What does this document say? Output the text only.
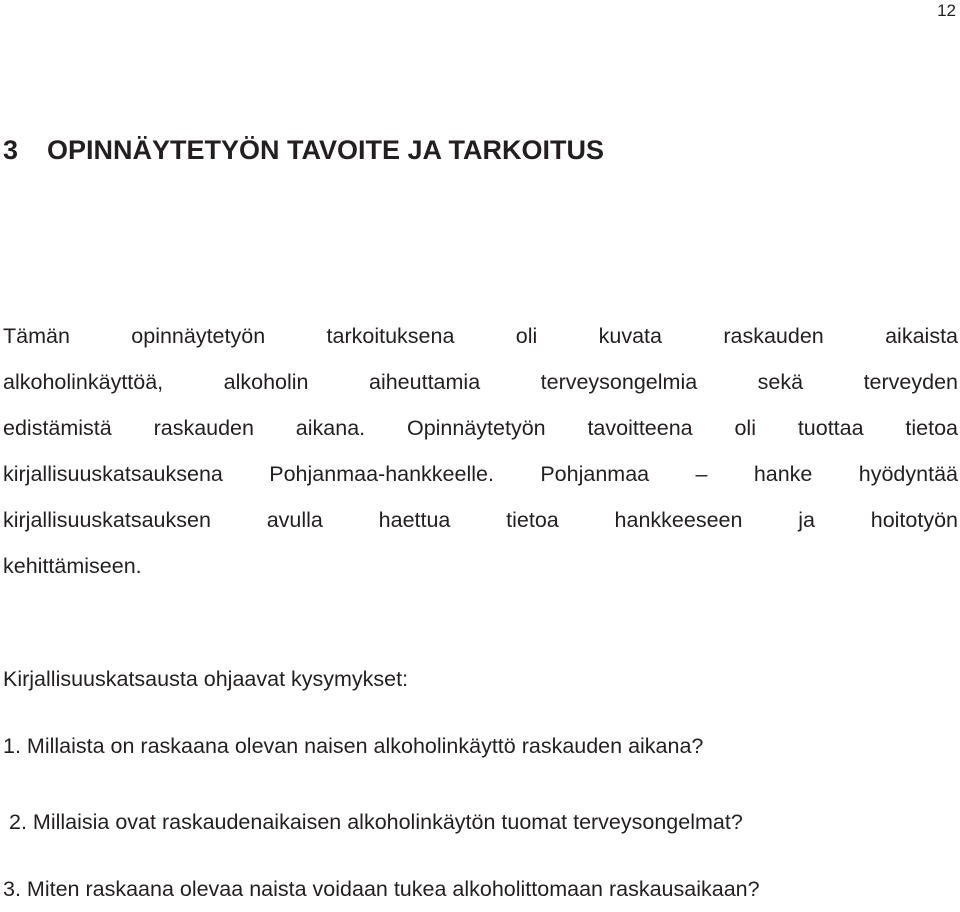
12
3 OPINNÄYTETYÖN TAVOITE JA TARKOITUS
Tämän opinnäytetyön tarkoituksena oli kuvata raskauden aikaista
alkoholinkäyttöä, alkoholin aiheuttamia terveysongelmia sekä terveyden
edistämistä raskauden aikana. Opinnäytetyön tavoitteena oli tuottaa tietoa
kirjallisuuskatsauksena Pohjanmaa-hankkeelle. Pohjanmaa – hanke hyödyntää
kirjallisuuskatsauksen avulla haettua tietoa hankkeeseen ja hoitotyön
kehittämiseen.
Kirjallisuuskatsausta ohjaavat kysymykset:
1. Millaista on raskaana olevan naisen alkoholinkäyttö raskauden aikana?
2. Millaisia ovat raskaudenaikaisen alkoholinkäytön tuomat terveysongelmat?
3. Miten raskaana olevaa naista voidaan tukea alkoholittomaan raskausaikaan?
